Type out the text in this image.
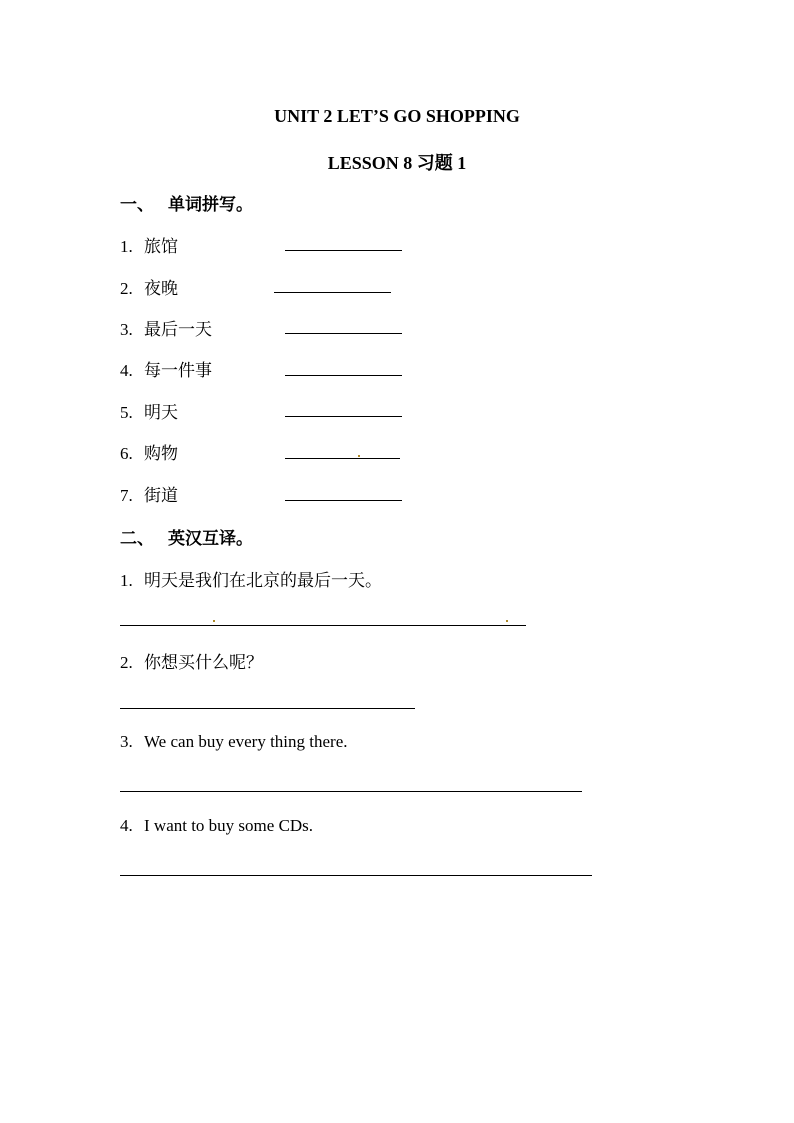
UNIT 2 LET’S GO SHOPPING
LESSON 8 习题 1
一、 单词拼写。
1. 旅馆
2. 夜晚
3. 最后一天
4. 每一件事
5. 明天
6. 购物
7. 街道
二、 英汉互译。
1. 明天是我们在北京的最后一天。
2. 你想买什么呢？
3. We can buy every thing there.
4. I want to buy some CDs.
